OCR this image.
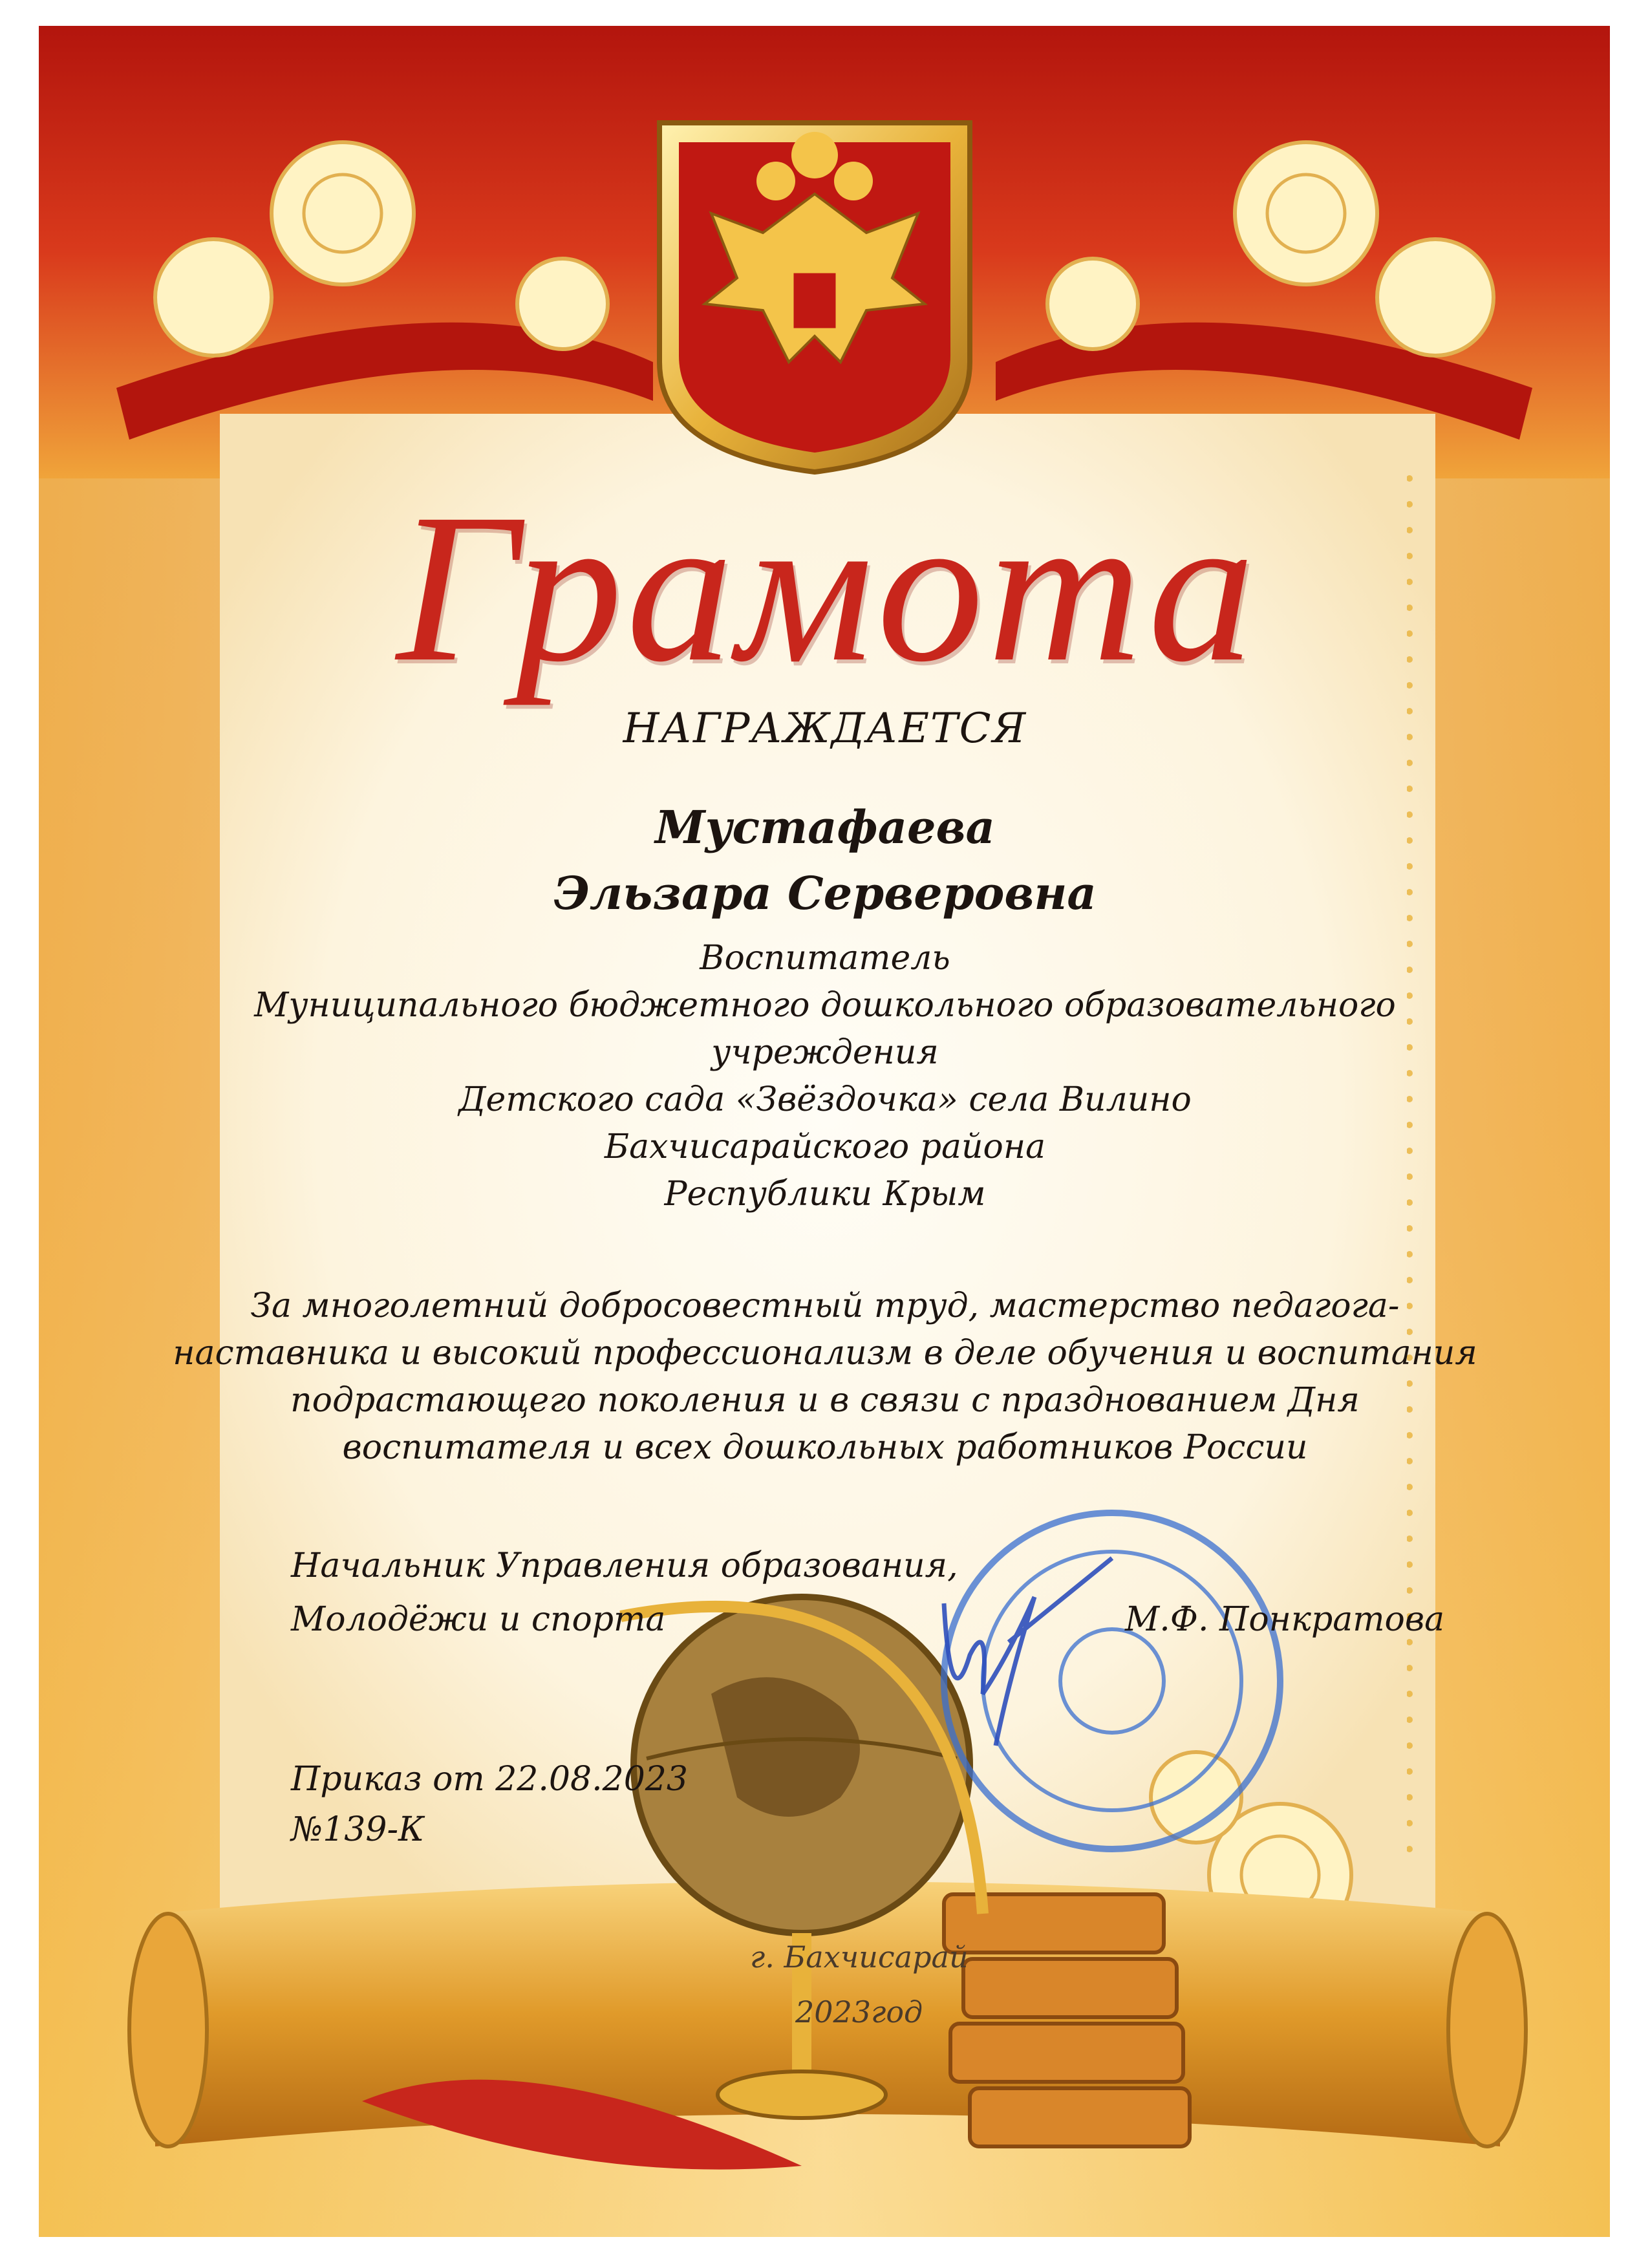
Грамота
НАГРАЖДАЕТСЯ
Мустафаева
Эльзара Серверовна
Воспитатель
Муниципального бюджетного дошкольного образовательного
учреждения
Детского сада «Звёздочка» села Вилино
Бахчисарайского района
Республики Крым
За многолетний добросовестный труд, мастерство педагога-
наставника и высокий профессионализм в деле обучения и воспитания
подрастающего поколения и в связи с празднованием Дня
воспитателя и всех дошкольных работников России
Начальник Управления образования,
Молодёжи и спорта	М.Ф. Понкратова
Приказ от 22.08.2023
№139-К
г. Бахчисарай
2023год
